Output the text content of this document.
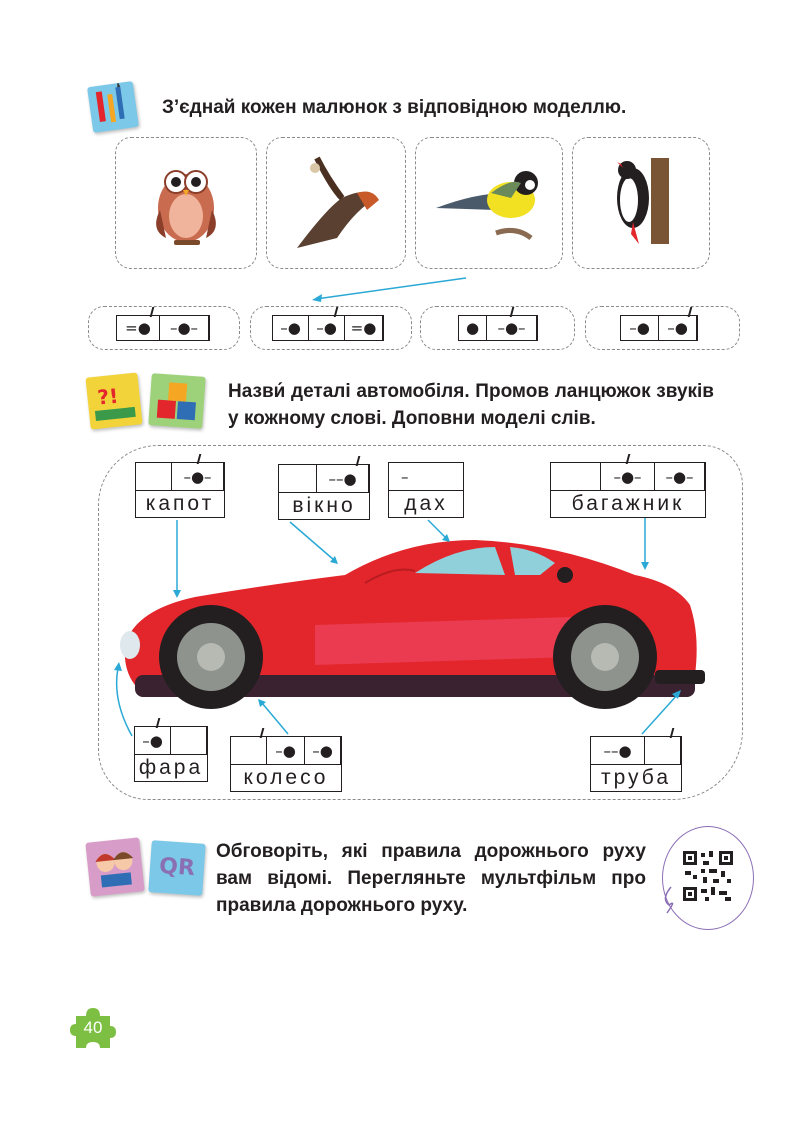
З’єднай кожен малюнок з відповідною моделлю.
=●	–●–	–●	–● =●	●	–●–	–●	–●
?!	Назви́ деталі автомобіля. Промов ланцюжок звуків у кожному слові. Доповни моделі слів.
–●–
капот
––●
вікно
–
дах
–●–	–●–
багажник
–●
фара
–●	–●
колесо
––●
труба
QR
Обговоріть, які правила дорожнього руху вам відомі. Перегляньте мультфільм про правила дорожнього руху.
40
